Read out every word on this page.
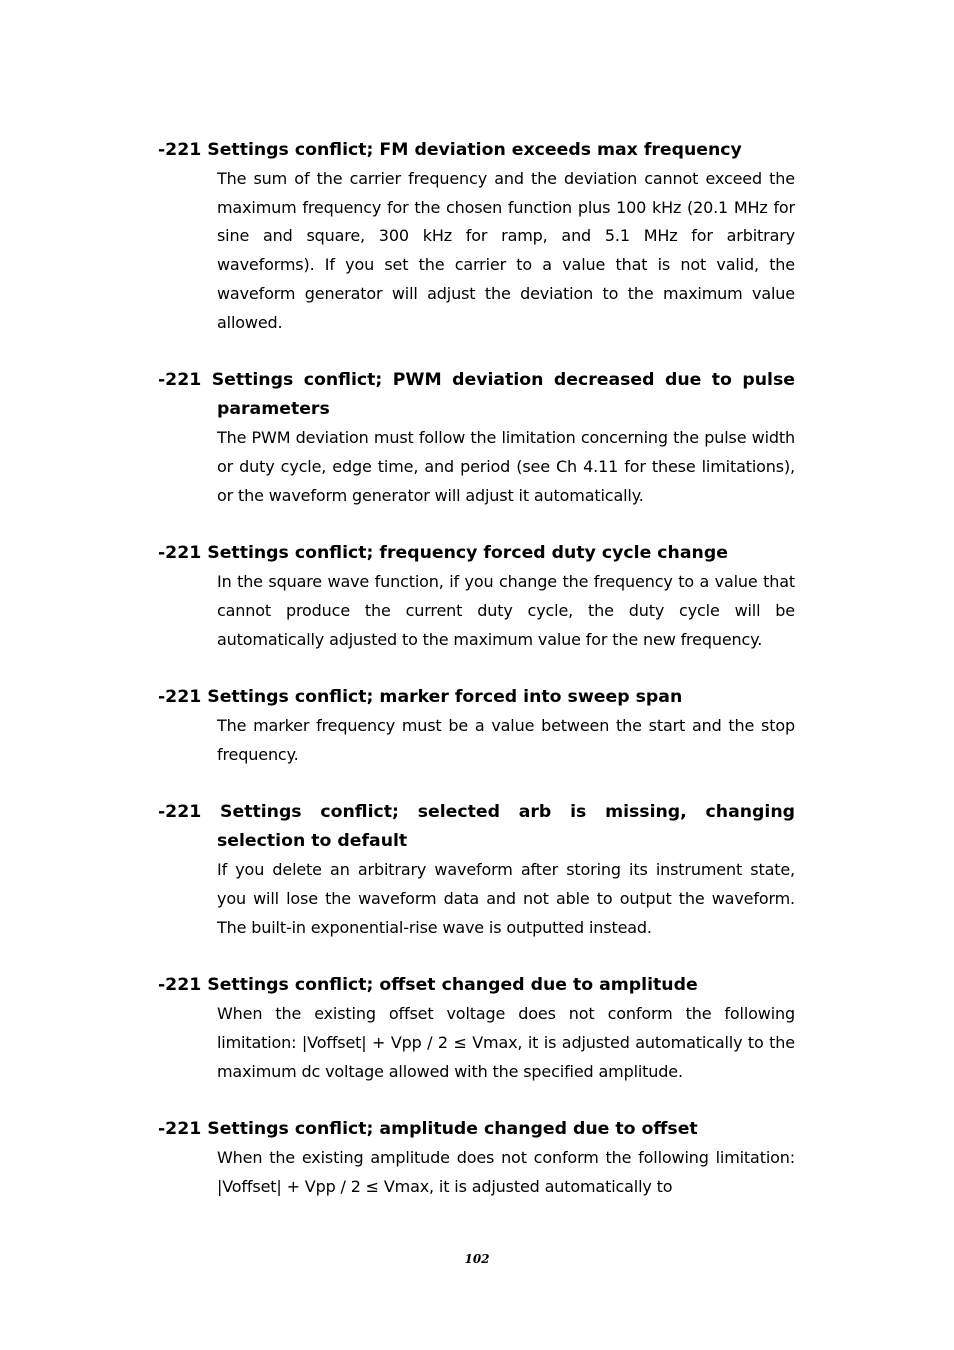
-221 Settings conflict; FM deviation exceeds max frequency
The sum of the carrier frequency and the deviation cannot exceed the maximum frequency for the chosen function plus 100 kHz (20.1 MHz for sine and square, 300 kHz for ramp, and 5.1 MHz for arbitrary waveforms). If you set the carrier to a value that is not valid, the waveform generator will adjust the deviation to the maximum value allowed.
-221 Settings conflict; PWM deviation decreased due to pulse parameters
The PWM deviation must follow the limitation concerning the pulse width or duty cycle, edge time, and period (see Ch 4.11 for these limitations), or the waveform generator will adjust it automatically.
-221 Settings conflict; frequency forced duty cycle change
In the square wave function, if you change the frequency to a value that cannot produce the current duty cycle, the duty cycle will be automatically adjusted to the maximum value for the new frequency.
-221 Settings conflict; marker forced into sweep span
The marker frequency must be a value between the start and the stop frequency.
-221 Settings conflict; selected arb is missing, changing selection to default
If you delete an arbitrary waveform after storing its instrument state, you will lose the waveform data and not able to output the waveform. The built-in exponential-rise wave is outputted instead.
-221 Settings conflict; offset changed due to amplitude
When the existing offset voltage does not conform the following limitation: |Voffset| + Vpp / 2 ≤ Vmax, it is adjusted automatically to the maximum dc voltage allowed with the specified amplitude.
-221 Settings conflict; amplitude changed due to offset
When the existing amplitude does not conform the following limitation: |Voffset| + Vpp / 2 ≤ Vmax, it is adjusted automatically to
102
